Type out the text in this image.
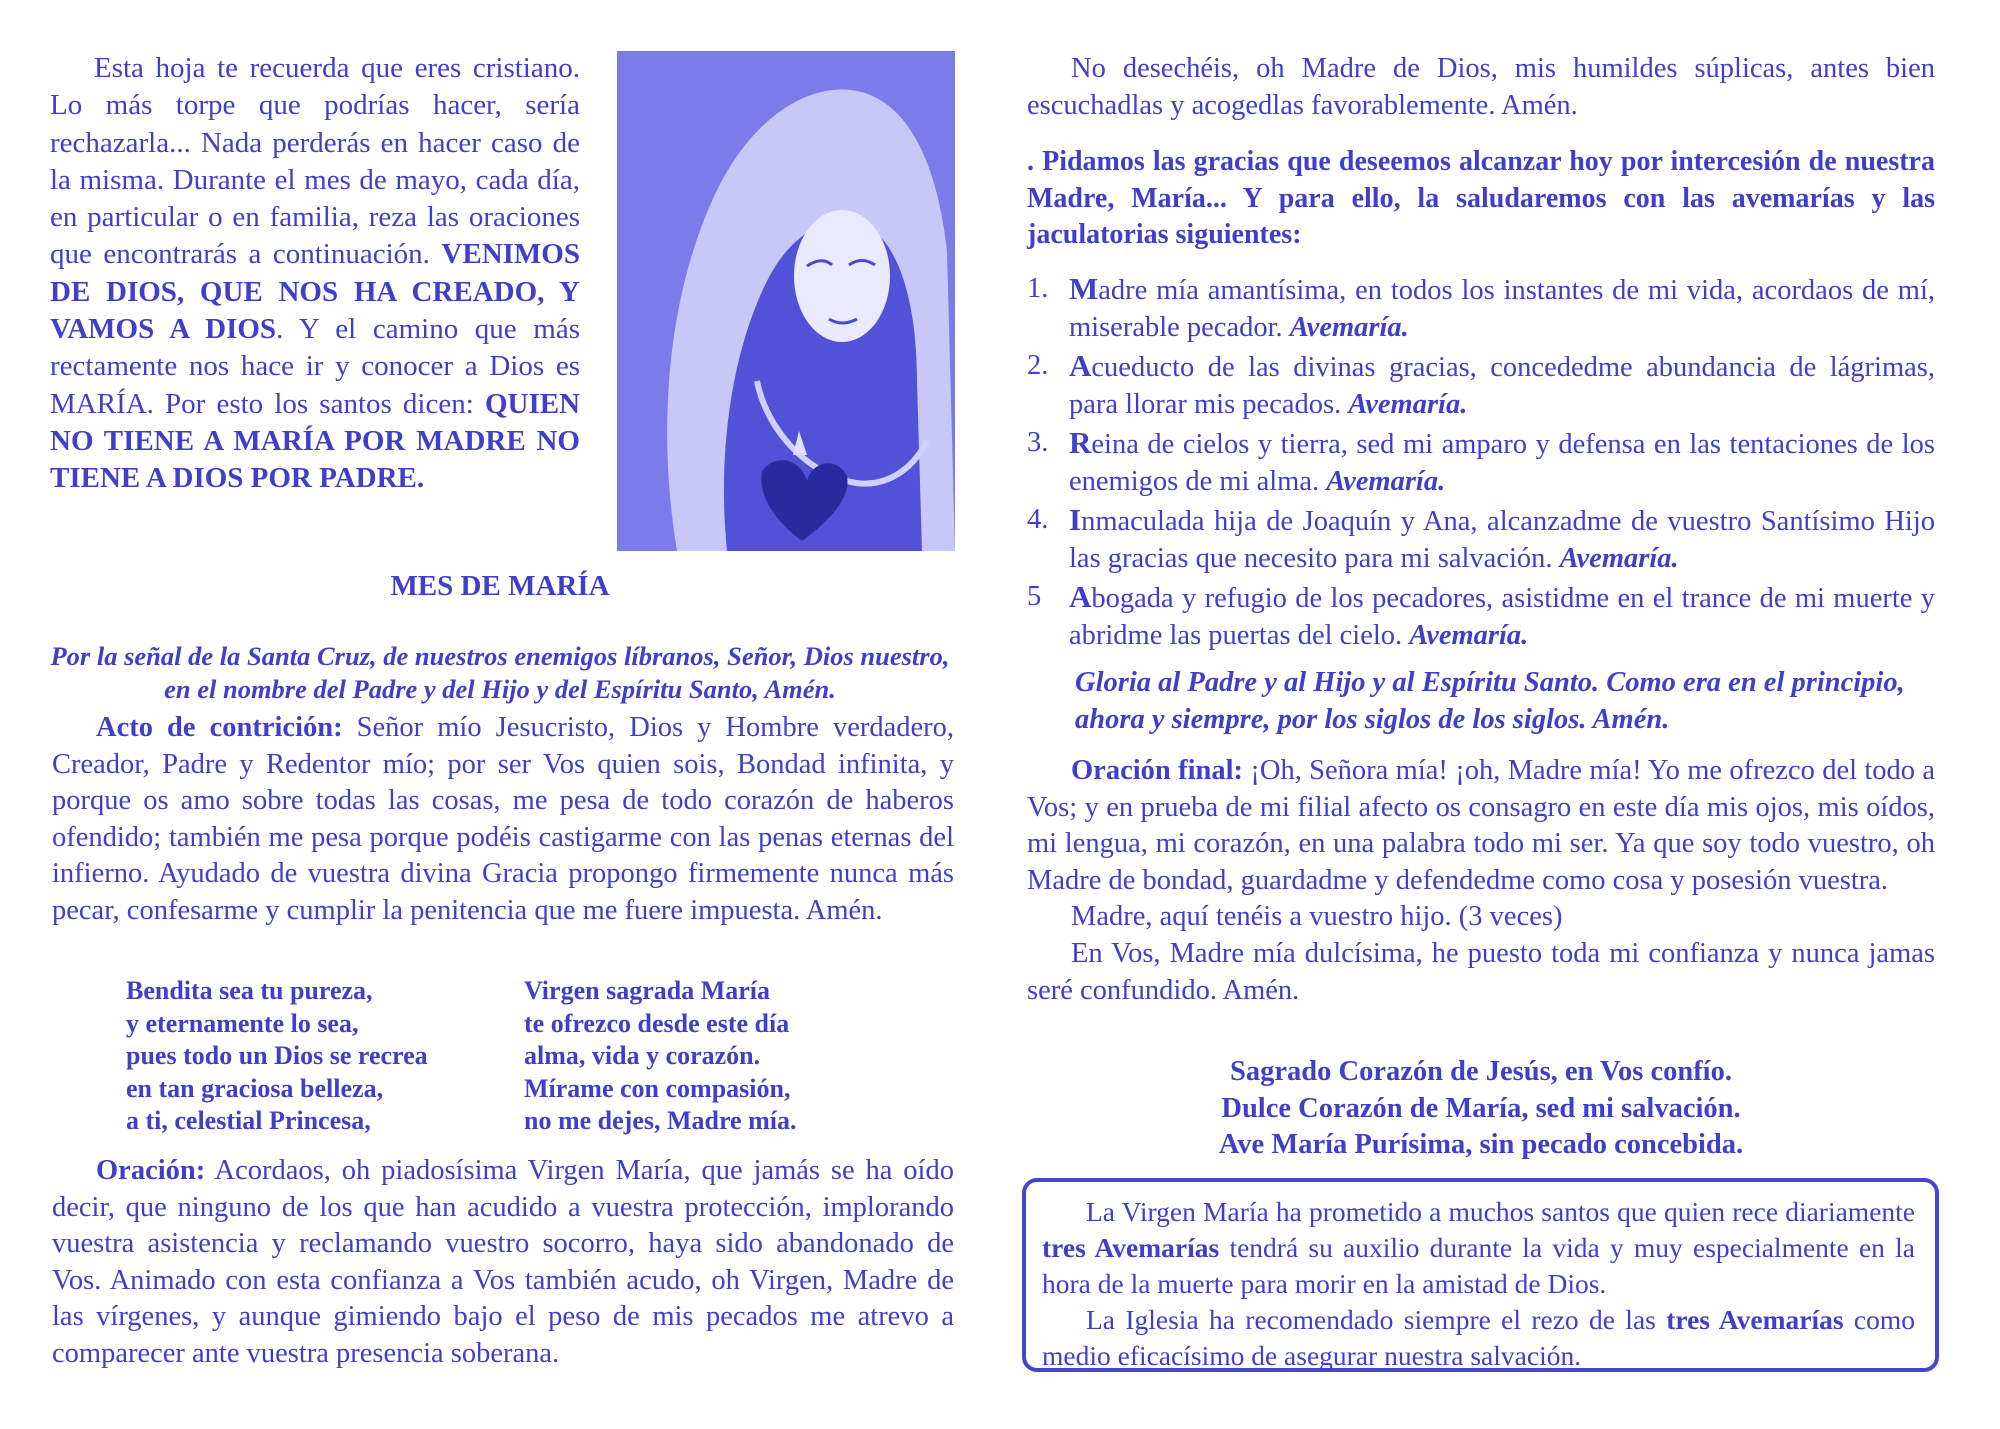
Esta hoja te recuerda que eres cristiano. Lo más torpe que podrías hacer, sería rechazarla... Nada perderás en hacer caso de la misma. Durante el mes de mayo, cada día, en particular o en familia, reza las oraciones que encontrarás a continuación. VENIMOS DE DIOS, QUE NOS HA CREADO, Y VAMOS A DIOS. Y el camino que más rectamente nos hace ir y conocer a Dios es MARÍA. Por esto los santos dicen: QUIEN NO TIENE A MARÍA POR MADRE NO TIENE A DIOS POR PADRE.

MES DE MARÍA
Por la señal de la Santa Cruz, de nuestros enemigos líbranos, Señor, Dios nuestro, en el nombre del Padre y del Hijo y del Espíritu Santo, Amén.

Acto de contrición: Señor mío Jesucristo, Dios y Hombre verdadero, Creador, Padre y Redentor mío; por ser Vos quien sois, Bondad infinita, y porque os amo sobre todas las cosas, me pesa de todo corazón de haberos ofendido; también me pesa porque podéis castigarme con las penas eternas del infierno. Ayudado de vuestra divina Gracia propongo firmemente nunca más pecar, confesarme y cumplir la penitencia que me fuere impuesta. Amén.

Bendita sea tu pureza,
y eternamente lo sea,
pues todo un Dios se recrea
en tan graciosa belleza,
a ti, celestial Princesa,
Virgen sagrada María
te ofrezco desde este día
alma, vida y corazón.
Mírame con compasión,
no me dejes, Madre mía.

Oración: Acordaos, oh piadosísima Virgen María, que jamás se ha oído decir, que ninguno de los que han acudido a vuestra protección, implorando vuestra asistencia y reclamando vuestro socorro, haya sido abandonado de Vos. Animado con esta confianza a Vos también acudo, oh Virgen, Madre de las vírgenes, y aunque gimiendo bajo el peso de mis pecados me atrevo a comparecer ante vuestra presencia soberana.

No desechéis, oh Madre de Dios, mis humildes súplicas, antes bien escuchadlas y acogedlas favorablemente. Amén.

. Pidamos las gracias que deseemos alcanzar hoy por intercesión de nuestra Madre, María... Y para ello, la saludaremos con las avemarías y las jaculatorias siguientes:

1. Madre mía amantísima, en todos los instantes de mi vida, acordaos de mí, miserable pecador. Avemaría.

2. Acueducto de las divinas gracias, concededme abundancia de lágrimas, para llorar mis pecados. Avemaría.

3. Reina de cielos y tierra, sed mi amparo y defensa en las tentaciones de los enemigos de mi alma. Avemaría.

4. Inmaculada hija de Joaquín y Ana, alcanzadme de vuestro Santísimo Hijo las gracias que necesito para mi salvación. Avemaría.

5 Abogada y refugio de los pecadores, asistidme en el trance de mi muerte y abridme las puertas del cielo. Avemaría.

Gloria al Padre y al Hijo y al Espíritu Santo. Como era en el principio, ahora y siempre, por los siglos de los siglos. Amén.

Oración final: ¡Oh, Señora mía! ¡oh, Madre mía! Yo me ofrezco del todo a Vos; y en prueba de mi filial afecto os consagro en este día mis ojos, mis oídos, mi lengua, mi corazón, en una palabra todo mi ser. Ya que soy todo vuestro, oh Madre de bondad, guardadme y defendedme como cosa y posesión vuestra.

Madre, aquí tenéis a vuestro hijo. (3 veces)

En Vos, Madre mía dulcísima, he puesto toda mi confianza y nunca jamas seré confundido. Amén.

Sagrado Corazón de Jesús, en Vos confío.
Dulce Corazón de María, sed mi salvación.
Ave María Purísima, sin pecado concebida.

La Virgen María ha prometido a muchos santos que quien rece diariamente tres Avemarías tendrá su auxilio durante la vida y muy especialmente en la hora de la muerte para morir en la amistad de Dios.

La Iglesia ha recomendado siempre el rezo de las tres Avemarías como medio eficacísimo de asegurar nuestra salvación.
